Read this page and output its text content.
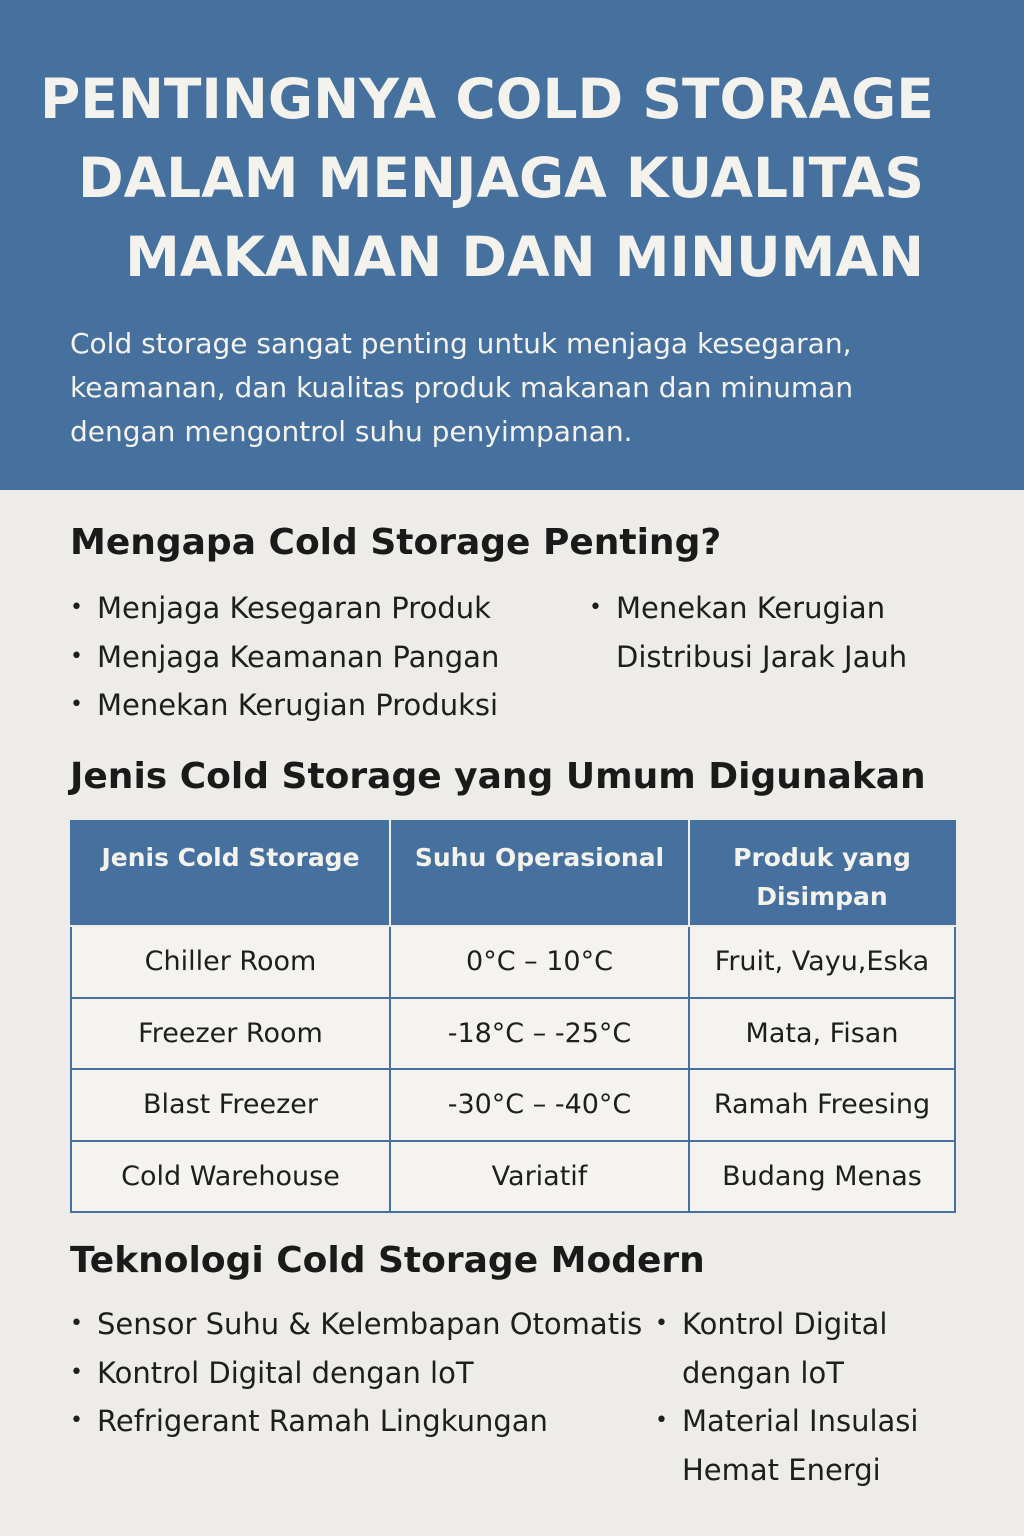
PENTINGNYA COLD STORAGE
DALAM MENJAGA KUALITAS
MAKANAN DAN MINUMAN

Cold storage sangat penting untuk menjaga kesegaran,
keamanan, dan kualitas produk makanan dan minuman
dengan mengontrol suhu penyimpanan.

Mengapa Cold Storage Penting?
• Menjaga Kesegaran Produk
• Menjaga Keamanan Pangan
• Menekan Kerugian Produksi
• Menekan Kerugian
Distribusi Jarak Jauh
Jenis Cold Storage yang Umum Digunakan
Jenis Cold Storage	Suhu Operasional	Produk yang Disimpan
Chiller Room	0°C – 10°C	Fruit, Vayu,Eska
Freezer Room	-18°C – -25°C	Mata, Fisan
Blast Freezer	-30°C – -40°C	Ramah Freesing
Cold Warehouse	Variatif	Budang Menas
Teknologi Cold Storage Modern
• Sensor Suhu & Kelembapan Otomatis
• Kontrol Digital dengan loT
• Refrigerant Ramah Lingkungan
• Kontrol Digital
dengan loT
• Material Insulasi
Hemat Energi
